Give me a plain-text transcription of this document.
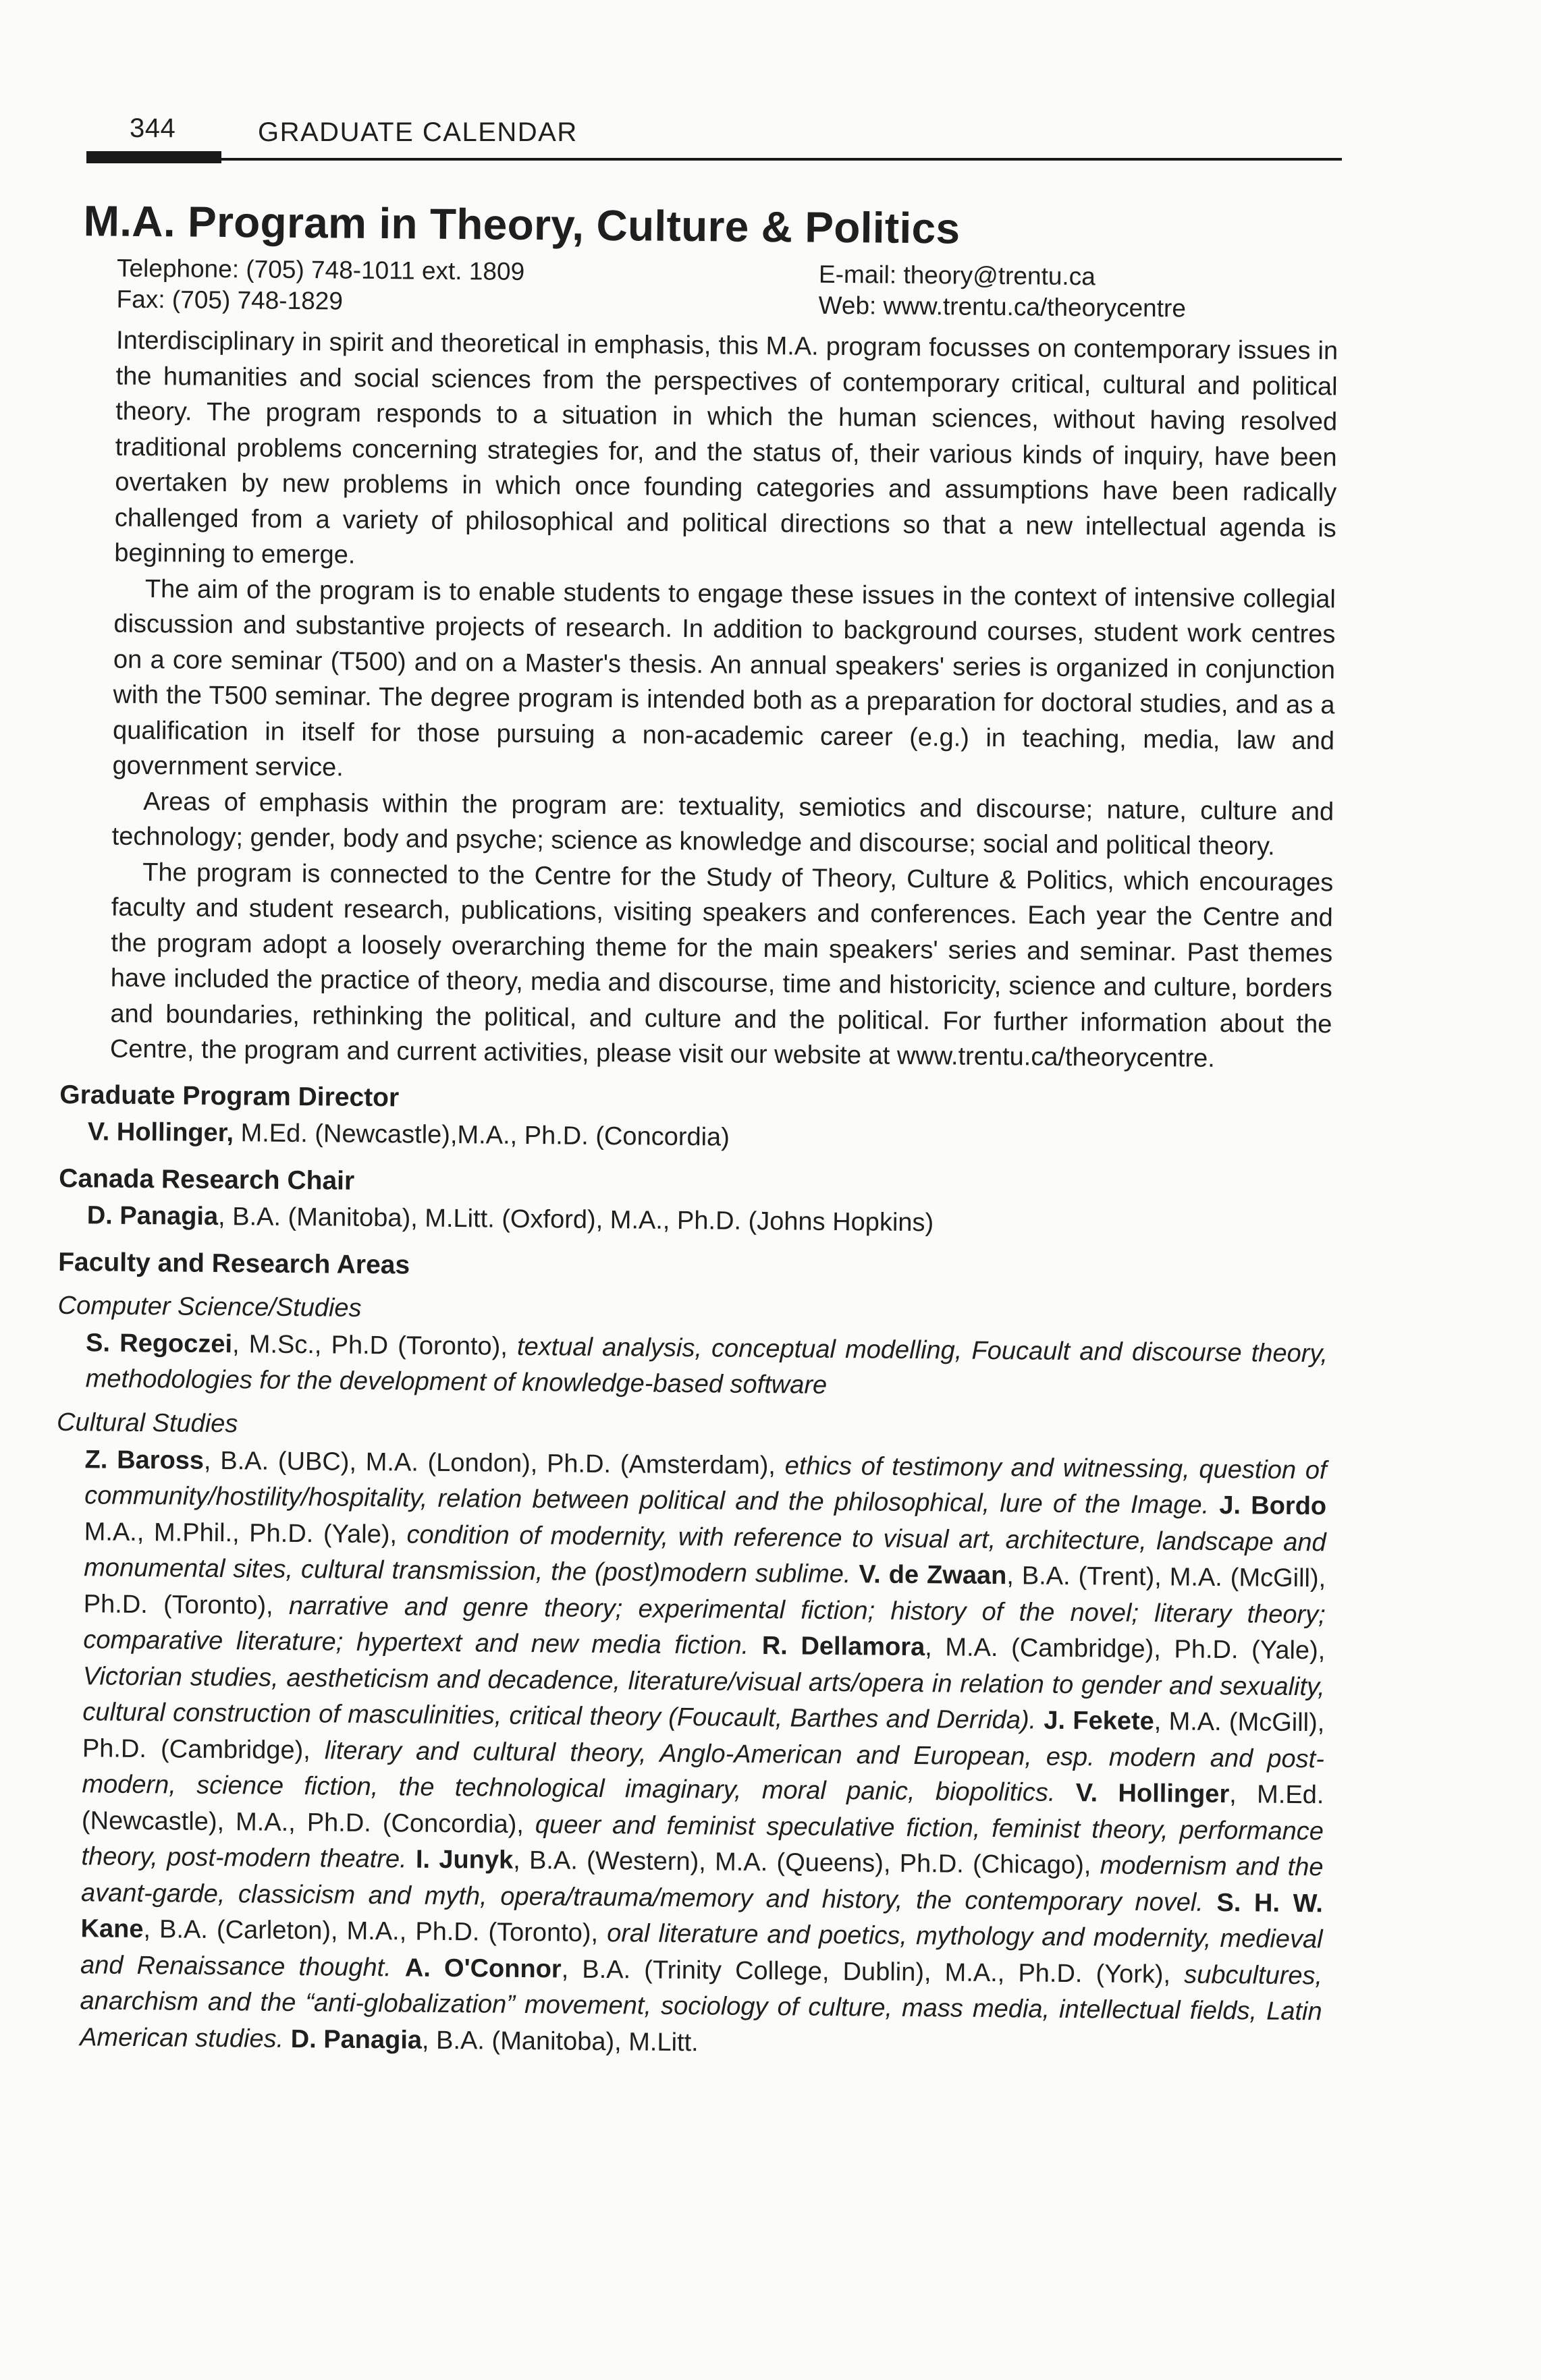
344	GRADUATE CALENDAR
M.A. Program in Theory, Culture & Politics
Telephone: (705) 748-1011 ext. 1809
Fax: (705) 748-1829
E-mail: theory@trentu.ca
Web: www.trentu.ca/theorycentre

Interdisciplinary in spirit and theoretical in emphasis, this M.A. program focusses on contemporary issues in the humanities and social sciences from the perspectives of contemporary critical, cultural and political theory. The program responds to a situation in which the human sciences, without having resolved traditional problems concerning strategies for, and the status of, their various kinds of inquiry, have been overtaken by new problems in which once founding categories and assumptions have been radically challenged from a variety of philosophical and political directions so that a new intellectual agenda is beginning to emerge.

The aim of the program is to enable students to engage these issues in the context of intensive collegial discussion and substantive projects of research. In addition to background courses, student work centres on a core seminar (T500) and on a Master's thesis. An annual speakers' series is organized in conjunction with the T500 seminar. The degree program is intended both as a preparation for doctoral studies, and as a qualification in itself for those pursuing a non-academic career (e.g.) in teaching, media, law and government service.

Areas of emphasis within the program are: textuality, semiotics and discourse; nature, culture and technology; gender, body and psyche; science as knowledge and discourse; social and political theory.

The program is connected to the Centre for the Study of Theory, Culture & Politics, which encourages faculty and student research, publications, visiting speakers and conferences. Each year the Centre and the program adopt a loosely overarching theme for the main speakers' series and seminar. Past themes have included the practice of theory, media and discourse, time and historicity, science and culture, borders and boundaries, rethinking the political, and culture and the political. For further information about the Centre, the program and current activities, please visit our website at www.trentu.ca/theorycentre.

Graduate Program Director

V. Hollinger, M.Ed. (Newcastle),M.A., Ph.D. (Concordia)

Canada Research Chair

D. Panagia, B.A. (Manitoba), M.Litt. (Oxford), M.A., Ph.D. (Johns Hopkins)

Faculty and Research Areas
Computer Science/Studies

S. Regoczei, M.Sc., Ph.D (Toronto), textual analysis, conceptual modelling, Foucault and discourse theory, methodologies for the development of knowledge-based software

Cultural Studies

Z. Baross, B.A. (UBC), M.A. (London), Ph.D. (Amsterdam), ethics of testimony and witnessing, question of community/hostility/hospitality, relation between political and the philosophical, lure of the Image. J. Bordo M.A., M.Phil., Ph.D. (Yale), condition of modernity, with reference to visual art, architecture, landscape and monumental sites, cultural transmission, the (post)modern sublime. V. de Zwaan, B.A. (Trent), M.A. (McGill), Ph.D. (Toronto), narrative and genre theory; experimental fiction; history of the novel; literary theory; comparative literature; hypertext and new media fiction. R. Dellamora, M.A. (Cambridge), Ph.D. (Yale), Victorian studies, aestheticism and decadence, literature/visual arts/opera in relation to gender and sexuality, cultural construction of masculinities, critical theory (Foucault, Barthes and Derrida). J. Fekete, M.A. (McGill), Ph.D. (Cambridge), literary and cultural theory, Anglo-American and European, esp. modern and post-modern, science fiction, the technological imaginary, moral panic, biopolitics. V. Hollinger, M.Ed. (Newcastle), M.A., Ph.D. (Concordia), queer and feminist speculative fiction, feminist theory, performance theory, post-modern theatre. I. Junyk, B.A. (Western), M.A. (Queens), Ph.D. (Chicago), modernism and the avant-garde, classicism and myth, opera/trauma/memory and history, the contemporary novel. S. H. W. Kane, B.A. (Carleton), M.A., Ph.D. (Toronto), oral literature and poetics, mythology and modernity, medieval and Renaissance thought. A. O'Connor, B.A. (Trinity College, Dublin), M.A., Ph.D. (York), subcultures, anarchism and the “anti-globalization” movement, sociology of culture, mass media, intellectual fields, Latin American studies. D. Panagia, B.A. (Manitoba), M.Litt.
